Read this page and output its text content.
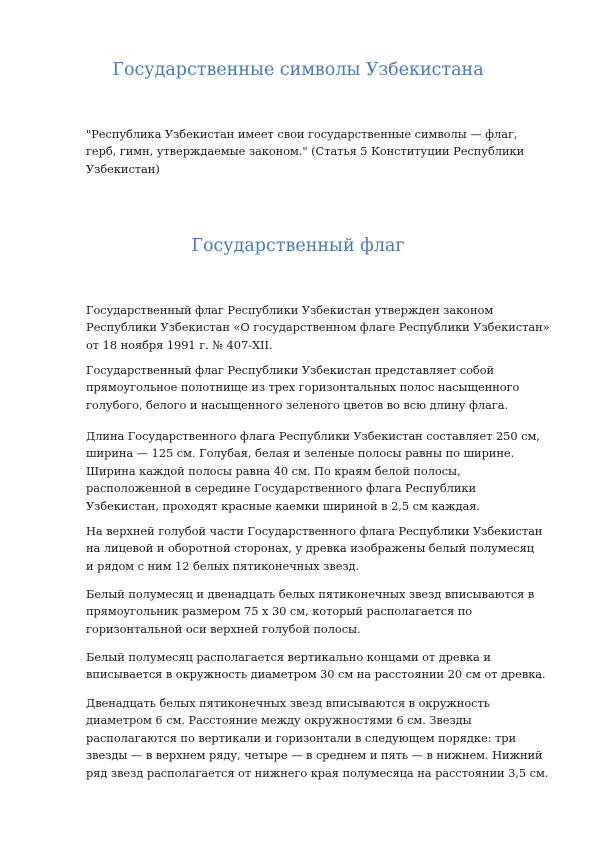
Государственные символы Узбекистана

"Республика Узбекистан имеет свои государственные символы — флаг,
герб, гимн, утверждаемые законом." (Статья 5 Конституции Республики
Узбекистан)

Государственный флаг

Государственный флаг Республики Узбекистан утвержден законом
Республики Узбекистан «О государственном флаге Республики Узбекистан»
от 18 ноября 1991 г. № 407-XII.

Государственный флаг Республики Узбекистан представляет собой
прямоугольное полотнище из трех горизонтальных полос насыщенного
голубого, белого и насыщенного зеленого цветов во всю длину флага.

Длина Государственного флага Республики Узбекистан составляет 250 см,
ширина — 125 см. Голубая, белая и зеленые полосы равны по ширине.
Ширина каждой полосы равна 40 см. По краям белой полосы,
расположенной в середине Государственного флага Республики
Узбекистан, проходят красные каемки шириной в 2,5 см каждая.

На верхней голубой части Государственного флага Республики Узбекистан
на лицевой и оборотной сторонах, у древка изображены белый полумесяц
и рядом с ним 12 белых пятиконечных звезд.

Белый полумесяц и двенадцать белых пятиконечных звезд вписываются в
прямоугольник размером 75 х 30 см, который располагается по
горизонтальной оси верхней голубой полосы.

Белый полумесяц располагается вертикально концами от древка и
вписывается в окружность диаметром 30 см на расстоянии 20 см от древка.

Двенадцать белых пятиконечных звезд вписываются в окружность
диаметром 6 см. Расстояние между окружностями 6 см. Звезды
располагаются по вертикали и горизонтали в следующем порядке: три
звезды — в верхнем ряду, четыре — в среднем и пять — в нижнем. Нижний
ряд звезд располагается от нижнего края полумесяца на расстоянии 3,5 см.
